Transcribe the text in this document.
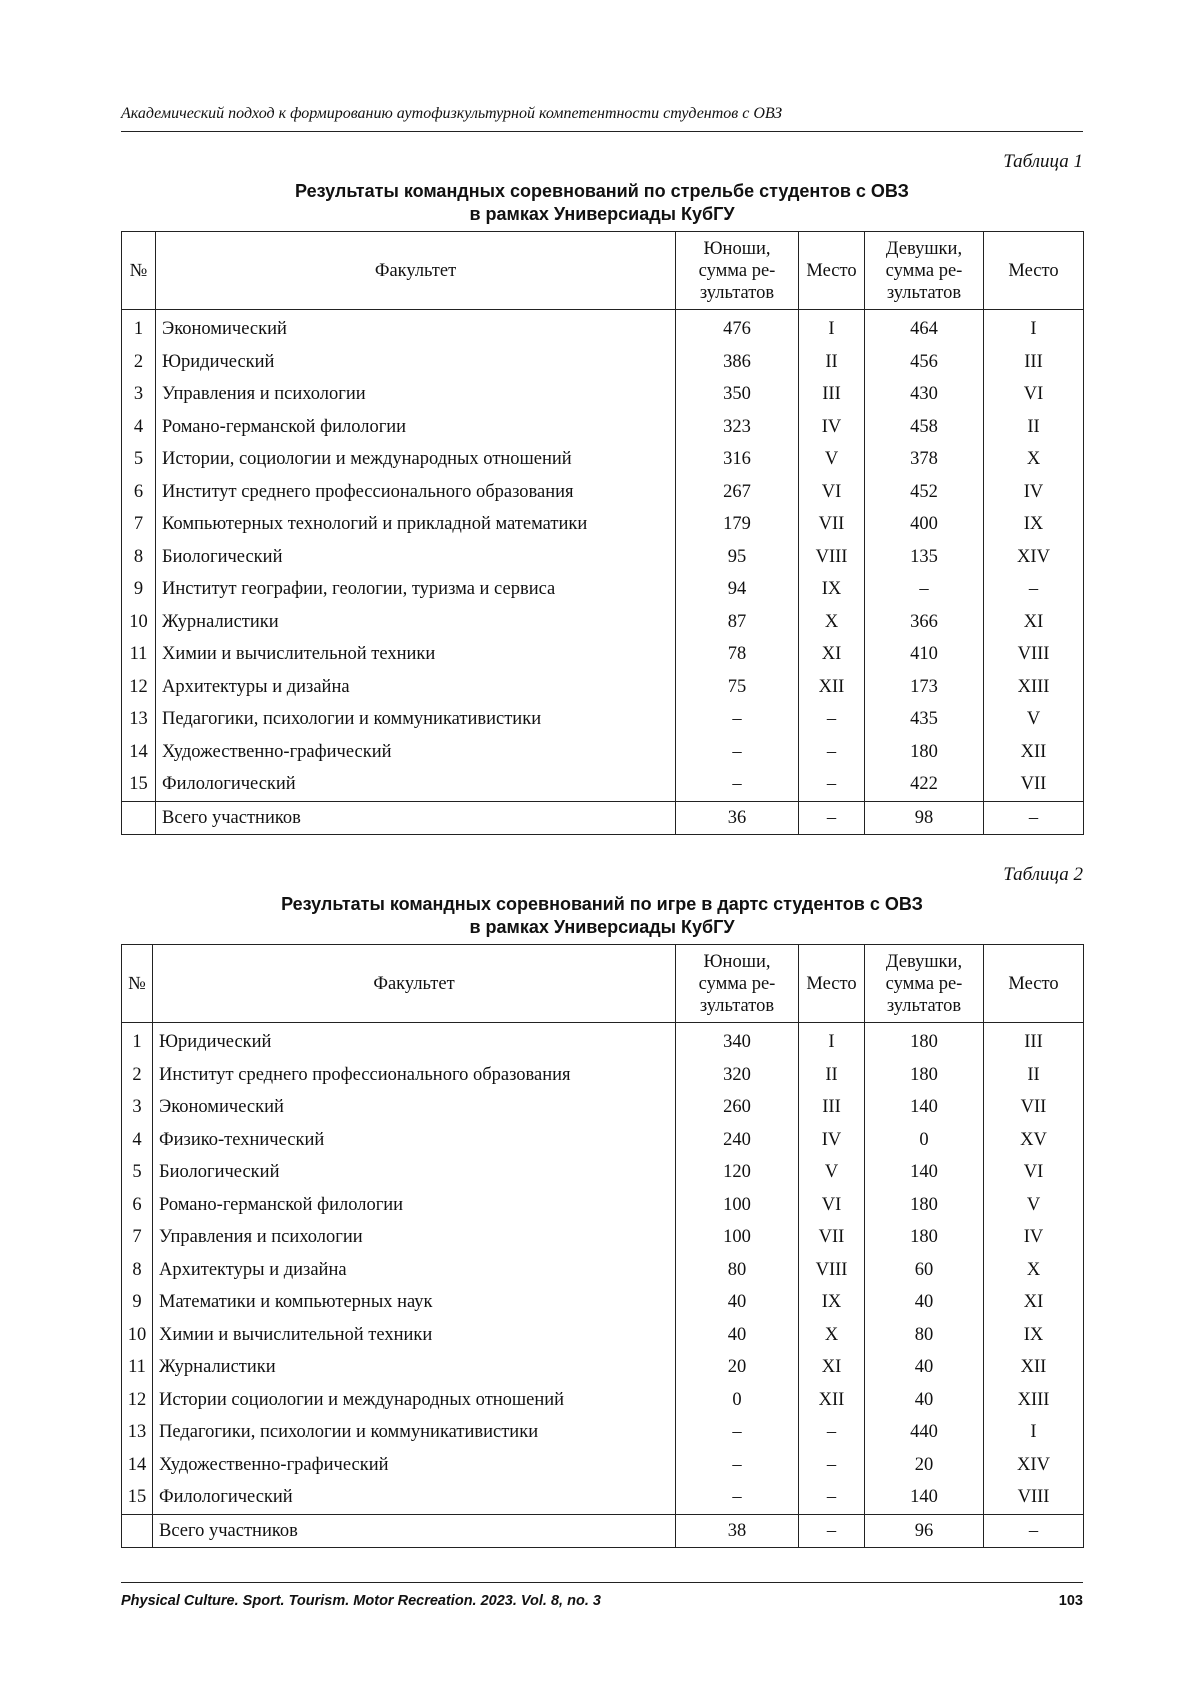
Академический подход к формированию аутофизкультурной компетентности студентов с ОВЗ
Таблица 1
Результаты командных соревнований по стрельбе студентов с ОВЗ
в рамках Универсиады КубГУ
№	Факультет	Юноши, сумма ре-зультатов	Место	Девушки, сумма ре-зультатов	Место
1	Экономический	476	I	464	I
2	Юридический	386	II	456	III
3	Управления и психологии	350	III	430	VI
4	Романо-германской филологии	323	IV	458	II
5	Истории, социологии и международных отношений	316	V	378	X
6	Институт среднего профессионального образования	267	VI	452	IV
7	Компьютерных технологий и прикладной математики	179	VII	400	IX
8	Биологический	95	VIII	135	XIV
9	Институт географии, геологии, туризма и сервиса	94	IX	–	–
10	Журналистики	87	X	366	XI
11	Химии и вычислительной техники	78	XI	410	VIII
12	Архитектуры и дизайна	75	XII	173	XIII
13	Педагогики, психологии и коммуникативистики	–	–	435	V
14	Художественно-графический	–	–	180	XII
15	Филологический	–	–	422	VII
	Всего участников	36	–	98	–
Таблица 2
Результаты командных соревнований по игре в дартс студентов с ОВЗ
в рамках Универсиады КубГУ
№	Факультет	Юноши, сумма ре-зультатов	Место	Девушки, сумма ре-зультатов	Место
1	Юридический	340	I	180	III
2	Институт среднего профессионального образования	320	II	180	II
3	Экономический	260	III	140	VII
4	Физико-технический	240	IV	0	XV
5	Биологический	120	V	140	VI
6	Романо-германской филологии	100	VI	180	V
7	Управления и психологии	100	VII	180	IV
8	Архитектуры и дизайна	80	VIII	60	X
9	Математики и компьютерных наук	40	IX	40	XI
10	Химии и вычислительной техники	40	X	80	IX
11	Журналистики	20	XI	40	XII
12	Истории социологии и международных отношений	0	XII	40	XIII
13	Педагогики, психологии и коммуникативистики	–	–	440	I
14	Художественно-графический	–	–	20	XIV
15	Филологический	–	–	140	VIII
	Всего участников	38	–	96	–
Physical Culture. Sport. Tourism. Motor Recreation. 2023. Vol. 8, no. 3	103
